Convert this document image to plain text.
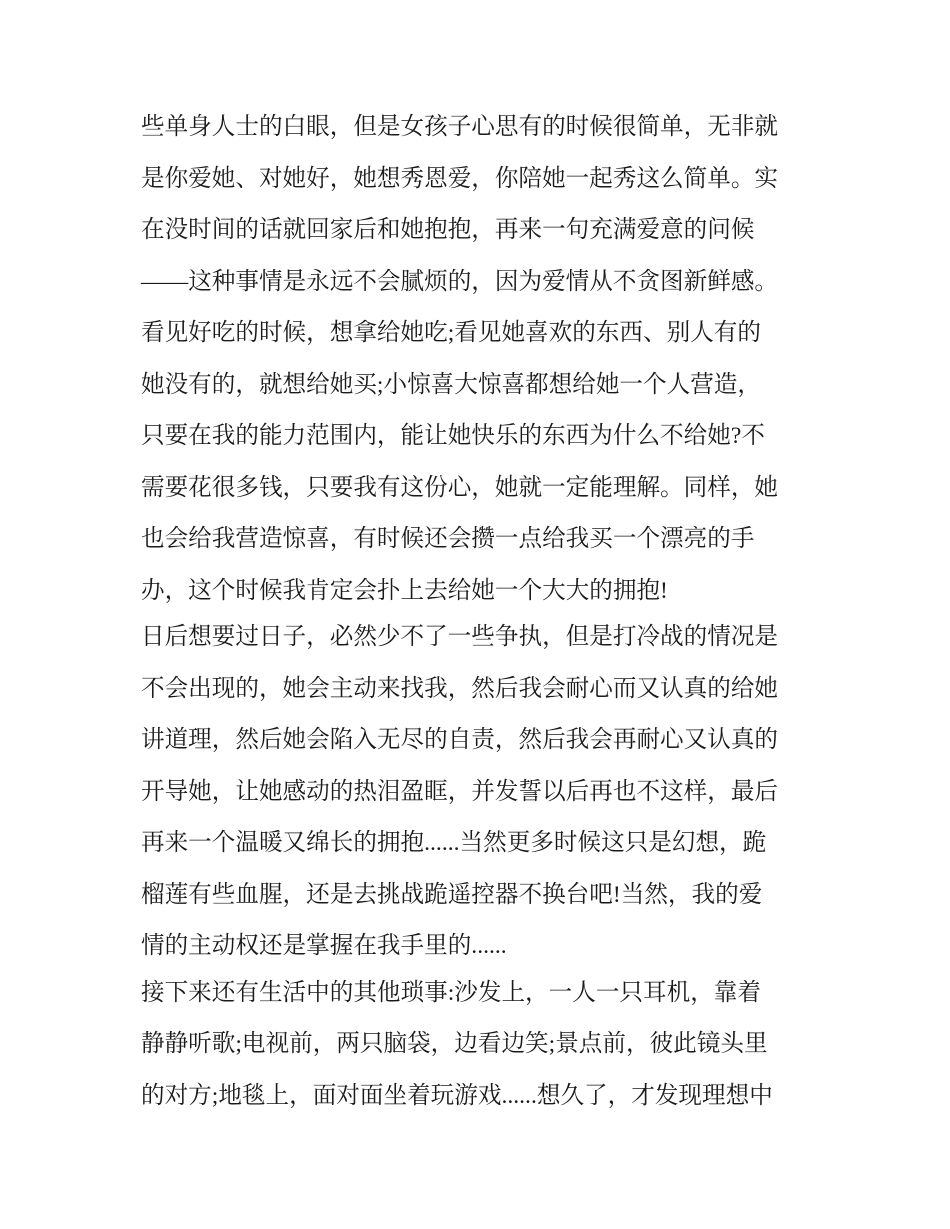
些单身人士的白眼，但是女孩子心思有的时候很简单，无非就
是你爱她、对她好，她想秀恩爱，你陪她一起秀这么简单。实
在没时间的话就回家后和她抱抱，再来一句充满爱意的问候
——这种事情是永远不会腻烦的，因为爱情从不贪图新鲜感。
看见好吃的时候，想拿给她吃;看见她喜欢的东西、别人有的
她没有的，就想给她买;小惊喜大惊喜都想给她一个人营造，
只要在我的能力范围内，能让她快乐的东西为什么不给她?不
需要花很多钱，只要我有这份心，她就一定能理解。同样，她
也会给我营造惊喜，有时候还会攒一点给我买一个漂亮的手
办，这个时候我肯定会扑上去给她一个大大的拥抱!
日后想要过日子，必然少不了一些争执，但是打冷战的情况是
不会出现的，她会主动来找我，然后我会耐心而又认真的给她
讲道理，然后她会陷入无尽的自责，然后我会再耐心又认真的
开导她，让她感动的热泪盈眶，并发誓以后再也不这样，最后
再来一个温暖又绵长的拥抱......当然更多时候这只是幻想，跪
榴莲有些血腥，还是去挑战跪遥控器不换台吧!当然，我的爱
情的主动权还是掌握在我手里的......
接下来还有生活中的其他琐事:沙发上，一人一只耳机，靠着
静静听歌;电视前，两只脑袋，边看边笑;景点前，彼此镜头里
的对方;地毯上，面对面坐着玩游戏......想久了，才发现理想中
